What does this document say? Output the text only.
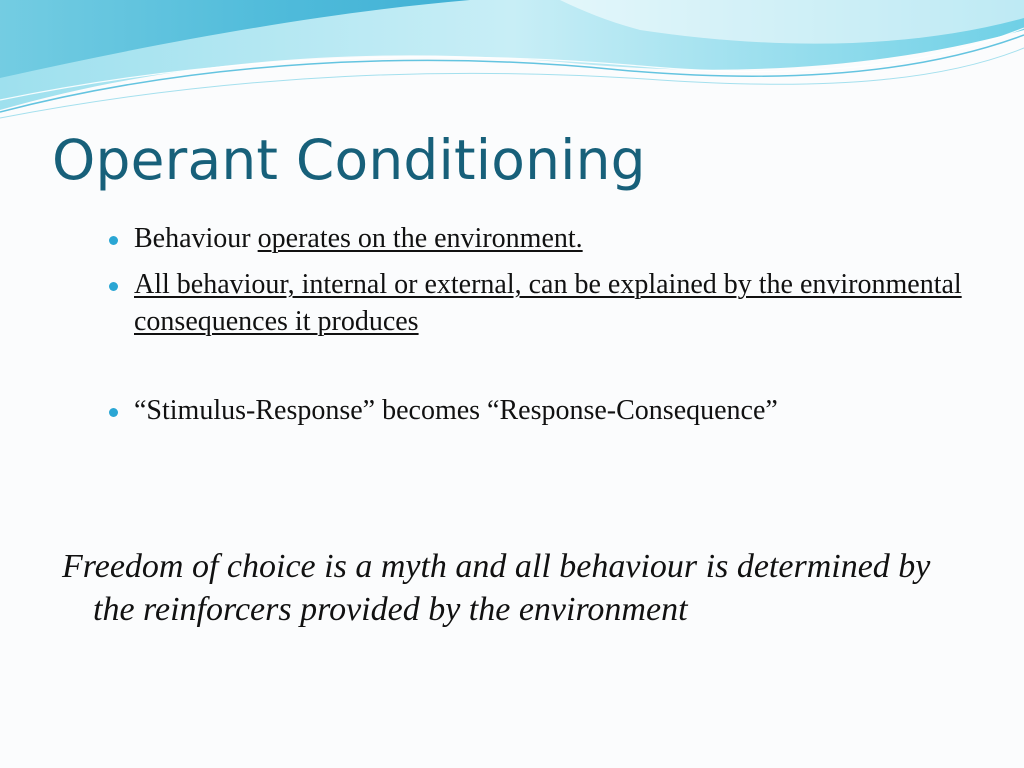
Operant Conditioning
Behaviour operates on the environment.
All behaviour, internal or external, can be explained by the environmental consequences it produces
“Stimulus-Response” becomes “Response-Consequence”

Freedom of choice is a myth and all behaviour is determined by the reinforcers provided by the environment
